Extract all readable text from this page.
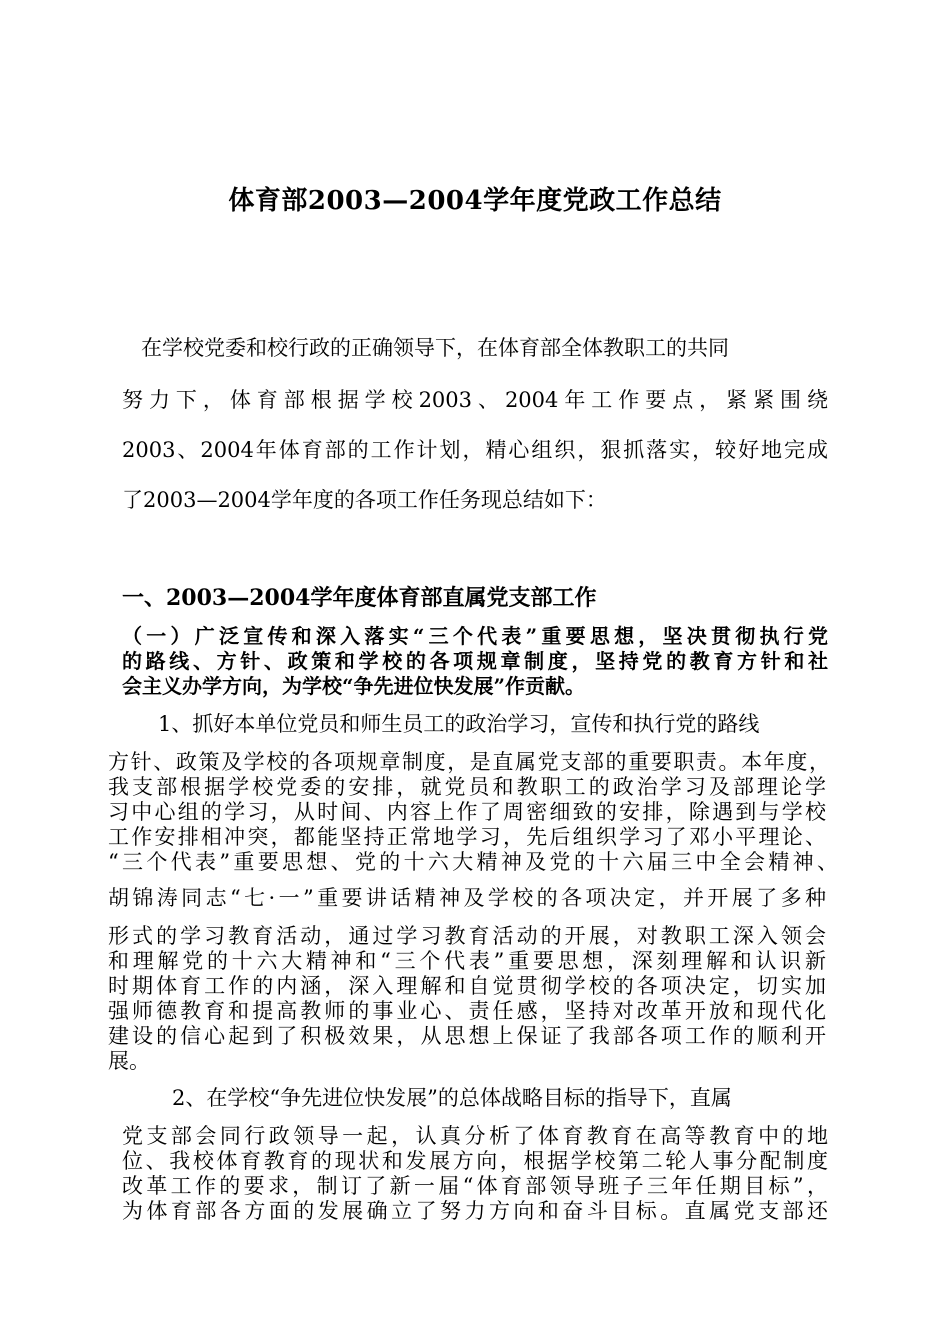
体育部2003—2004学年度党政工作总结
　在学校党委和校行政的正确领导下，在体育部全体教职工的共同
努力下，体育部根据学校2003、2004年工作要点，紧紧围绕
2003、2004年体育部的工作计划，精心组织，狠抓落实，较好地完成
了2003—2004学年度的各项工作任务现总结如下：
一、2003—2004学年度体育部直属党支部工作
（一）广泛宣传和深入落实“三个代表”重要思想，坚决贯彻执行党
的路线、方针、政策和学校的各项规章制度，坚持党的教育方针和社
会主义办学方向，为学校“争先进位快发展”作贡献。
1、抓好本单位党员和师生员工的政治学习，宣传和执行党的路线
方针、政策及学校的各项规章制度，是直属党支部的重要职责。本年度，
我支部根据学校党委的安排，就党员和教职工的政治学习及部理论学
习中心组的学习，从时间、内容上作了周密细致的安排，除遇到与学校
工作安排相冲突，都能坚持正常地学习，先后组织学习了邓小平理论、
“三个代表”重要思想、党的十六大精神及党的十六届三中全会精神、
胡锦涛同志“七·一”重要讲话精神及学校的各项决定，并开展了多种
形式的学习教育活动，通过学习教育活动的开展，对教职工深入领会
和理解党的十六大精神和“三个代表”重要思想，深刻理解和认识新
时期体育工作的内涵，深入理解和自觉贯彻学校的各项决定，切实加
强师德教育和提高教师的事业心、责任感，坚持对改革开放和现代化
建设的信心起到了积极效果，从思想上保证了我部各项工作的顺利开
展。
2、在学校“争先进位快发展”的总体战略目标的指导下，直属
党支部会同行政领导一起，认真分析了体育教育在高等教育中的地
位、我校体育教育的现状和发展方向，根据学校第二轮人事分配制度
改革工作的要求，制订了新一届“体育部领导班子三年任期目标”，
为体育部各方面的发展确立了努力方向和奋斗目标。直属党支部还
